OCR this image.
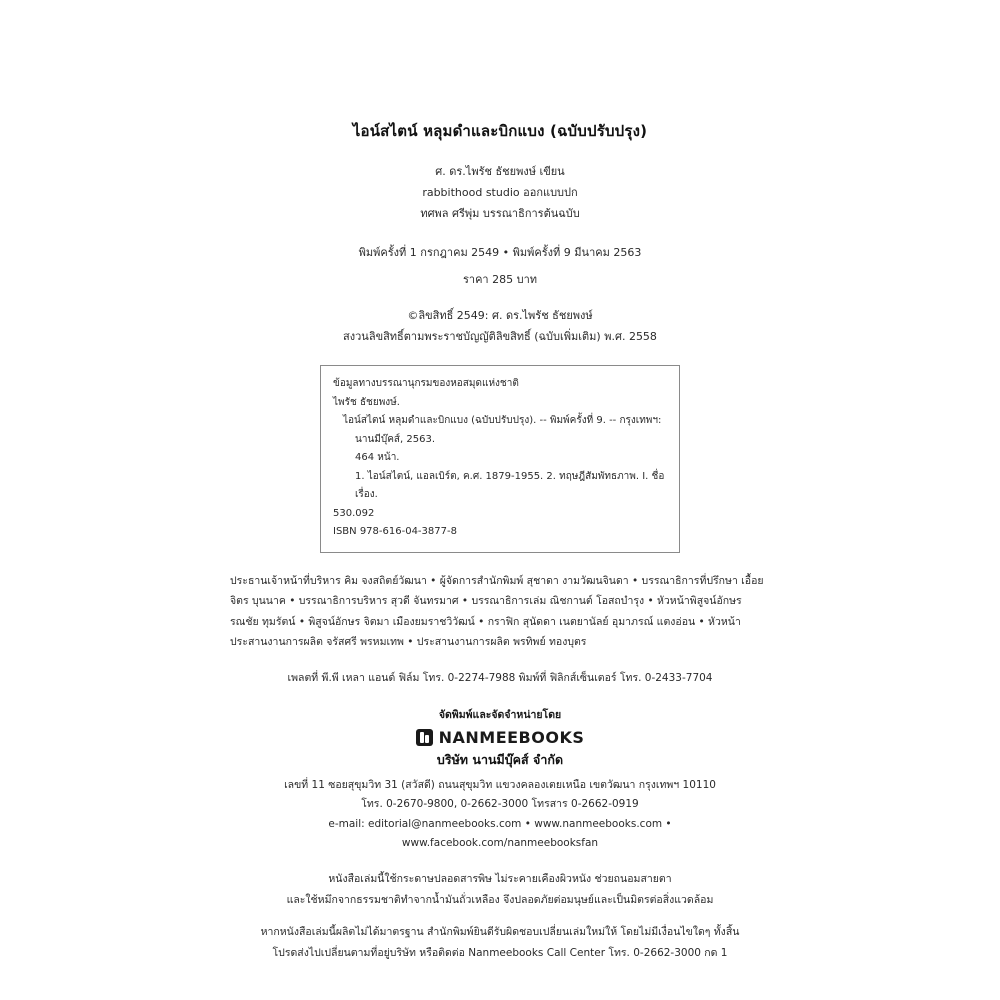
ไอน์สไตน์ หลุมดำและบิกแบง (ฉบับปรับปรุง)
ศ. ดร.ไพรัช ธัชยพงษ์ เขียน
rabbithood studio ออกแบบปก
ทศพล ศรีพุ่ม บรรณาธิการต้นฉบับ
พิมพ์ครั้งที่ 1 กรกฎาคม 2549 • พิมพ์ครั้งที่ 9 มีนาคม 2563
ราคา 285 บาท
©ลิขสิทธิ์ 2549: ศ. ดร.ไพรัช ธัชยพงษ์
สงวนลิขสิทธิ์ตามพระราชบัญญัติลิขสิทธิ์ (ฉบับเพิ่มเติม) พ.ศ. 2558
ข้อมูลทางบรรณานุกรมของหอสมุดแห่งชาติ
ไพรัช ธัชยพงษ์.
ไอน์สไตน์ หลุมดำและบิกแบง (ฉบับปรับปรุง). -- พิมพ์ครั้งที่ 9. -- กรุงเทพฯ:
นานมีบุ๊คส์, 2563.
464 หน้า.
1. ไอน์สไตน์, แอลเบิร์ต, ค.ศ. 1879-1955. 2. ทฤษฎีสัมพัทธภาพ. I. ชื่อเรื่อง.
530.092
ISBN 978-616-04-3877-8
ประธานเจ้าหน้าที่บริหาร คิม จงสถิตย์วัฒนา • ผู้จัดการสำนักพิมพ์ สุชาดา งามวัฒนจินดา • บรรณาธิการที่ปรึกษา เอื้อยจิตร บุนนาค • บรรณาธิการบริหาร สุวดี จันทรมาศ • บรรณาธิการเล่ม ณิชกานต์ โอสถบำรุง • หัวหน้าพิสูจน์อักษร รณชัย ทุมรัตน์ • พิสูจน์อักษร จิตมา เมืองยมราชวิวัฒน์ • กราฟิก สุนัดดา เนตยานัลย์ อุมาภรณ์ แตงอ่อน • หัวหน้าประสานงานการผลิต จรัสศรี พรหมเทพ • ประสานงานการผลิต พรทิพย์ ทองบุตร
เพลตที่ พี.พี เหลา แอนด์ ฟิล์ม โทร. 0-2274-7988 พิมพ์ที่ ฟิลิกส์เซ็นเตอร์ โทร. 0-2433-7704
จัดพิมพ์และจัดจำหน่ายโดย
NANMEEBOOKS
บริษัท นานมีบุ๊คส์ จำกัด
เลขที่ 11 ซอยสุขุมวิท 31 (สวัสดี) ถนนสุขุมวิท แขวงคลองเตยเหนือ เขตวัฒนา กรุงเทพฯ 10110
โทร. 0-2670-9800, 0-2662-3000 โทรสาร 0-2662-0919
e-mail: editorial@nanmeebooks.com • www.nanmeebooks.com • www.facebook.com/nanmeebooksfan
หนังสือเล่มนี้ใช้กระดาษปลอดสารพิษ ไม่ระคายเคืองผิวหนัง ช่วยถนอมสายตา
และใช้หมึกจากธรรมชาติทำจากน้ำมันถั่วเหลือง จึงปลอดภัยต่อมนุษย์และเป็นมิตรต่อสิ่งแวดล้อม
หากหนังสือเล่มนี้ผลิตไม่ได้มาตรฐาน สำนักพิมพ์ยินดีรับผิดชอบเปลี่ยนเล่มใหม่ให้ โดยไม่มีเงื่อนไขใดๆ ทั้งสิ้น
โปรดส่งไปเปลี่ยนตามที่อยู่บริษัท หรือติดต่อ Nanmeebooks Call Center โทร. 0-2662-3000 กด 1
